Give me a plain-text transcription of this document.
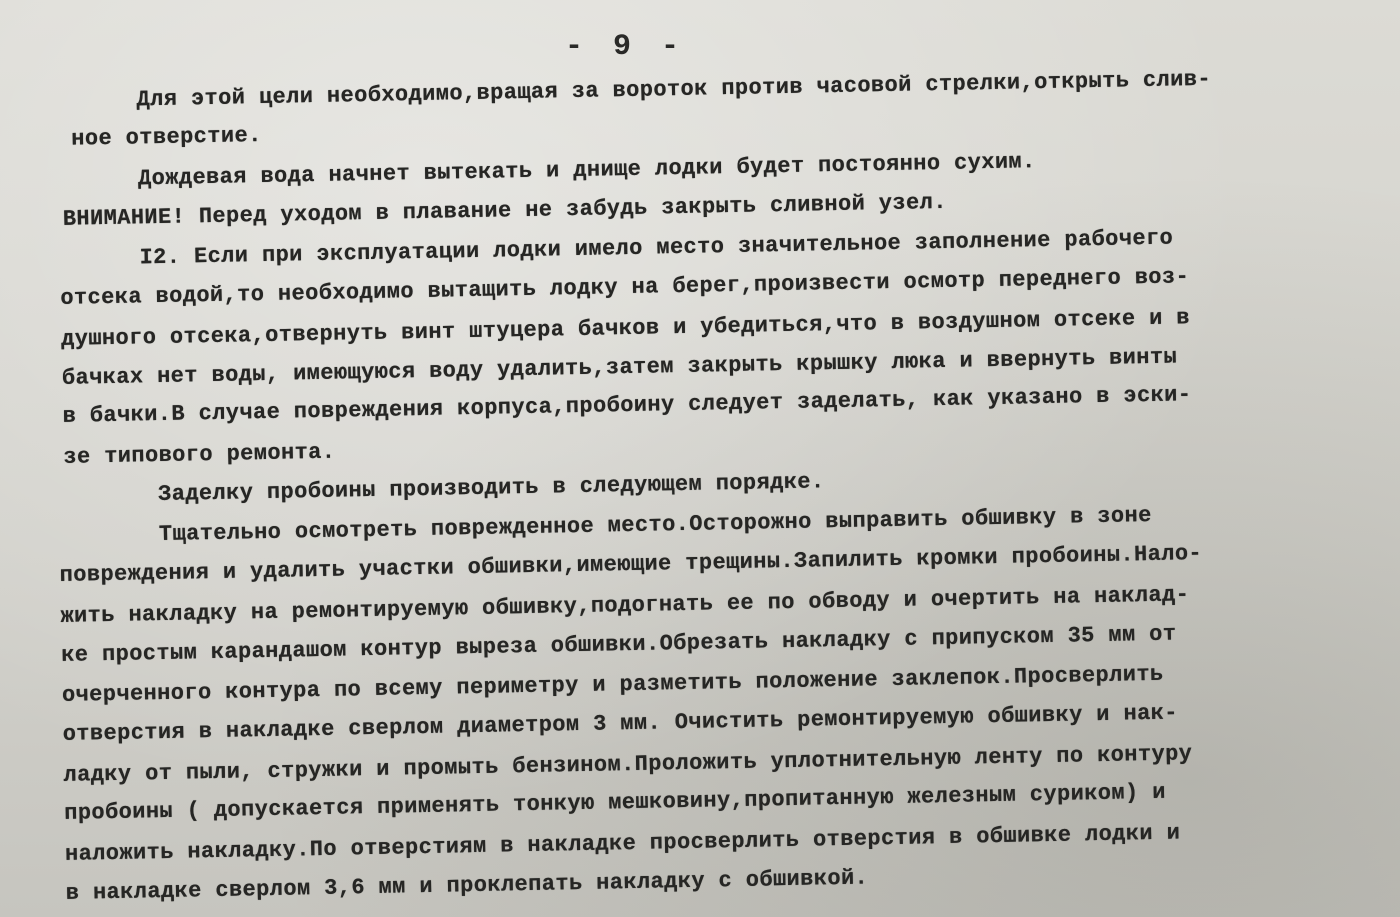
- 9 -
Для этой цели необходимо,вращая за вороток против часовой стрелки,открыть слив-
ное отверстие.
Дождевая вода начнет вытекать и днище лодки будет постоянно сухим.
ВНИМАНИЕ! Перед уходом в плавание не забудь закрыть сливной узел.
I2. Если при эксплуатации лодки имело место значительное заполнение рабочего
отсека водой,то необходимо вытащить лодку на берег,произвести осмотр переднего воз-
душного отсека,отвернуть винт штуцера бачков и убедиться,что в воздушном отсеке и в
бачках нет воды, имеющуюся воду удалить,затем закрыть крышку люка и ввернуть винты
в бачки.В случае повреждения корпуса,пробоину следует заделать, как указано в эски-
зе типового ремонта.
Заделку пробоины производить в следующем порядке.
Тщательно осмотреть поврежденное место.Осторожно выправить обшивку в зоне
повреждения и удалить участки обшивки,имеющие трещины.Запилить кромки пробоины.Нало-
жить накладку на ремонтируемую обшивку,подогнать ее по обводу и очертить на наклад-
ке простым карандашом контур выреза обшивки.Обрезать накладку с припуском 35 мм от
очерченного контура по всему периметру и разметить положение заклепок.Просверлить
отверстия в накладке сверлом диаметром 3 мм. Очистить ремонтируемую обшивку и нак-
ладку от пыли, стружки и промыть бензином.Проложить уплотнительную ленту по контуру
пробоины ( допускается применять тонкую мешковину,пропитанную железным суриком) и
наложить накладку.По отверстиям в накладке просверлить отверстия в обшивке лодки и
в накладке сверлом 3,6 мм и проклепать накладку с обшивкой.
